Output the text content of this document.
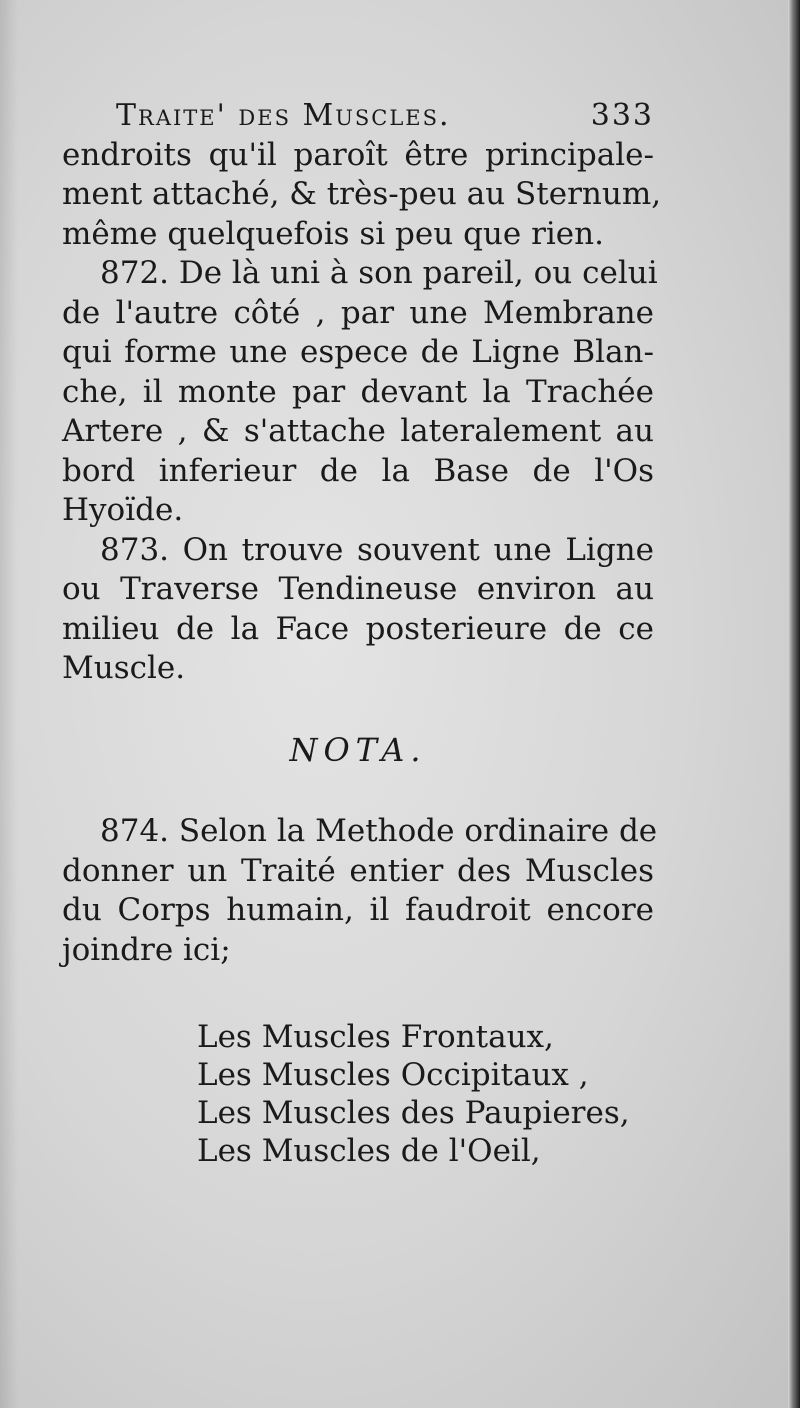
Traite' des Muscles.	333
endroits qu'il paroît être principale-
ment attaché, & très-peu au Sternum,
même quelquefois si peu que rien.
872. De là uni à son pareil, ou celui
de l'autre côté , par une Membrane
qui forme une espece de Ligne Blan-
che, il monte par devant la Trachée
Artere , & s'attache lateralement au
bord inferieur de la Base de l'Os
Hyoïde.
873. On trouve souvent une Ligne
ou Traverse Tendineuse environ au
milieu de la Face posterieure de ce
Muscle.
NOTA.
874. Selon la Methode ordinaire de
donner un Traité entier des Muscles
du Corps humain, il faudroit encore
joindre ici;
Les Muscles Frontaux,
Les Muscles Occipitaux ,
Les Muscles des Paupieres,
Les Muscles de l'Oeil,
